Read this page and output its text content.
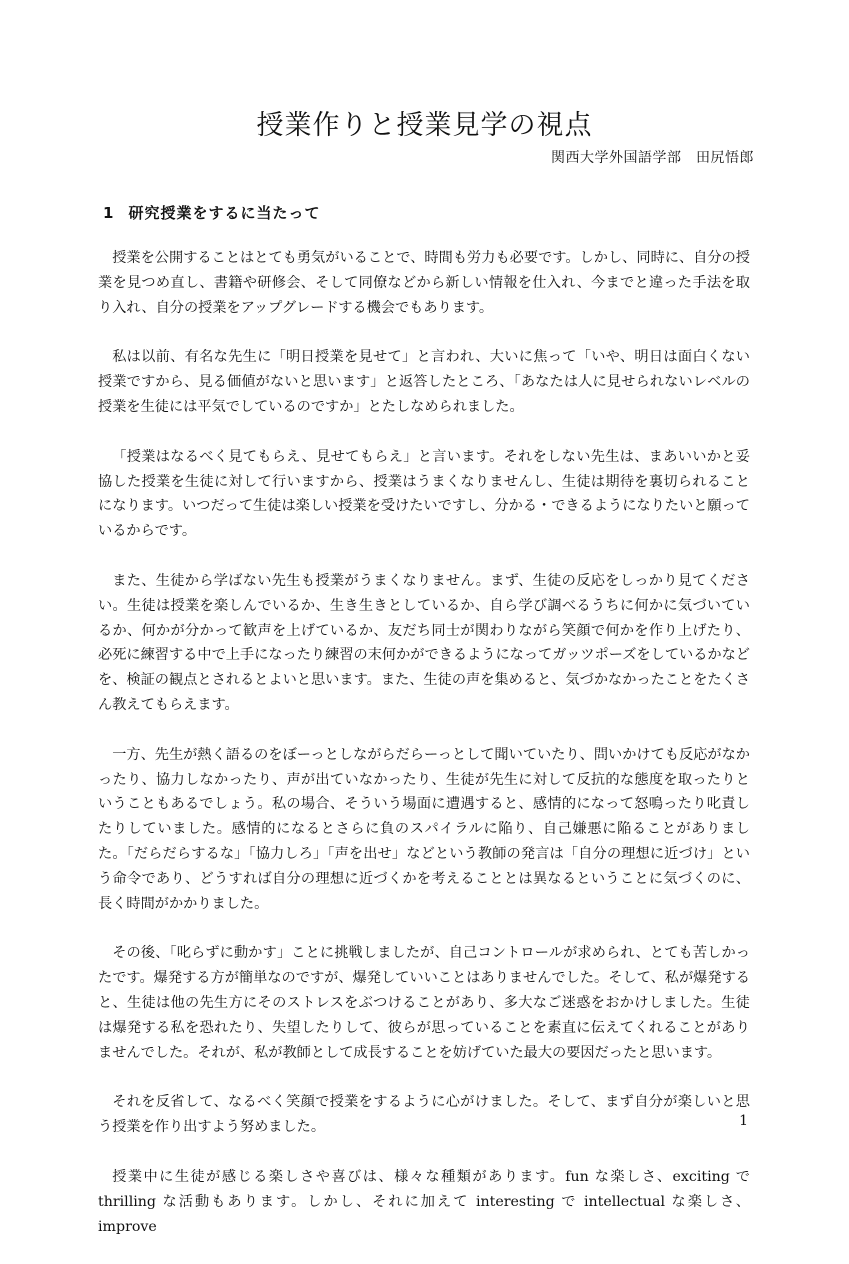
授業作りと授業見学の視点
関西大学外国語学部　田尻悟郎
1 研究授業をするに当たって

授業を公開することはとても勇気がいることで、時間も労力も必要です。しかし、同時に、自分の授業を見つめ直し、書籍や研修会、そして同僚などから新しい情報を仕入れ、今までと違った手法を取り入れ、自分の授業をアップグレードする機会でもあります。

私は以前、有名な先生に「明日授業を見せて」と言われ、大いに焦って「いや、明日は面白くない授業ですから、見る価値がないと思います」と返答したところ、「あなたは人に見せられないレベルの授業を生徒には平気でしているのですか」とたしなめられました。

「授業はなるべく見てもらえ、見せてもらえ」と言います。それをしない先生は、まあいいかと妥協した授業を生徒に対して行いますから、授業はうまくなりませんし、生徒は期待を裏切られることになります。いつだって生徒は楽しい授業を受けたいですし、分かる・できるようになりたいと願っているからです。

また、生徒から学ばない先生も授業がうまくなりません。まず、生徒の反応をしっかり見てください。生徒は授業を楽しんでいるか、生き生きとしているか、自ら学び調べるうちに何かに気づいているか、何かが分かって歓声を上げているか、友だち同士が関わりながら笑顔で何かを作り上げたり、必死に練習する中で上手になったり練習の末何かができるようになってガッツポーズをしているかなどを、検証の観点とされるとよいと思います。また、生徒の声を集めると、気づかなかったことをたくさん教えてもらえます。

一方、先生が熱く語るのをぼーっとしながらだらーっとして聞いていたり、問いかけても反応がなかったり、協力しなかったり、声が出ていなかったり、生徒が先生に対して反抗的な態度を取ったりということもあるでしょう。私の場合、そういう場面に遭遇すると、感情的になって怒鳴ったり叱責したりしていました。感情的になるとさらに負のスパイラルに陥り、自己嫌悪に陥ることがありました。「だらだらするな」「協力しろ」「声を出せ」などという教師の発言は「自分の理想に近づけ」という命令であり、どうすれば自分の理想に近づくかを考えることとは異なるということに気づくのに、長く時間がかかりました。

その後、「叱らずに動かす」ことに挑戦しましたが、自己コントロールが求められ、とても苦しかったです。爆発する方が簡単なのですが、爆発していいことはありませんでした。そして、私が爆発すると、生徒は他の先生方にそのストレスをぶつけることがあり、多大なご迷惑をおかけしました。生徒は爆発する私を恐れたり、失望したりして、彼らが思っていることを素直に伝えてくれることがありませんでした。それが、私が教師として成長することを妨げていた最大の要因だったと思います。

それを反省して、なるべく笑顔で授業をするように心がけました。そして、まず自分が楽しいと思う授業を作り出すよう努めました。

授業中に生徒が感じる楽しさや喜びは、様々な種類があります。fun な楽しさ、exciting で thrilling な活動もあります。しかし、それに加えて interesting で intellectual な楽しさ、improve

1
